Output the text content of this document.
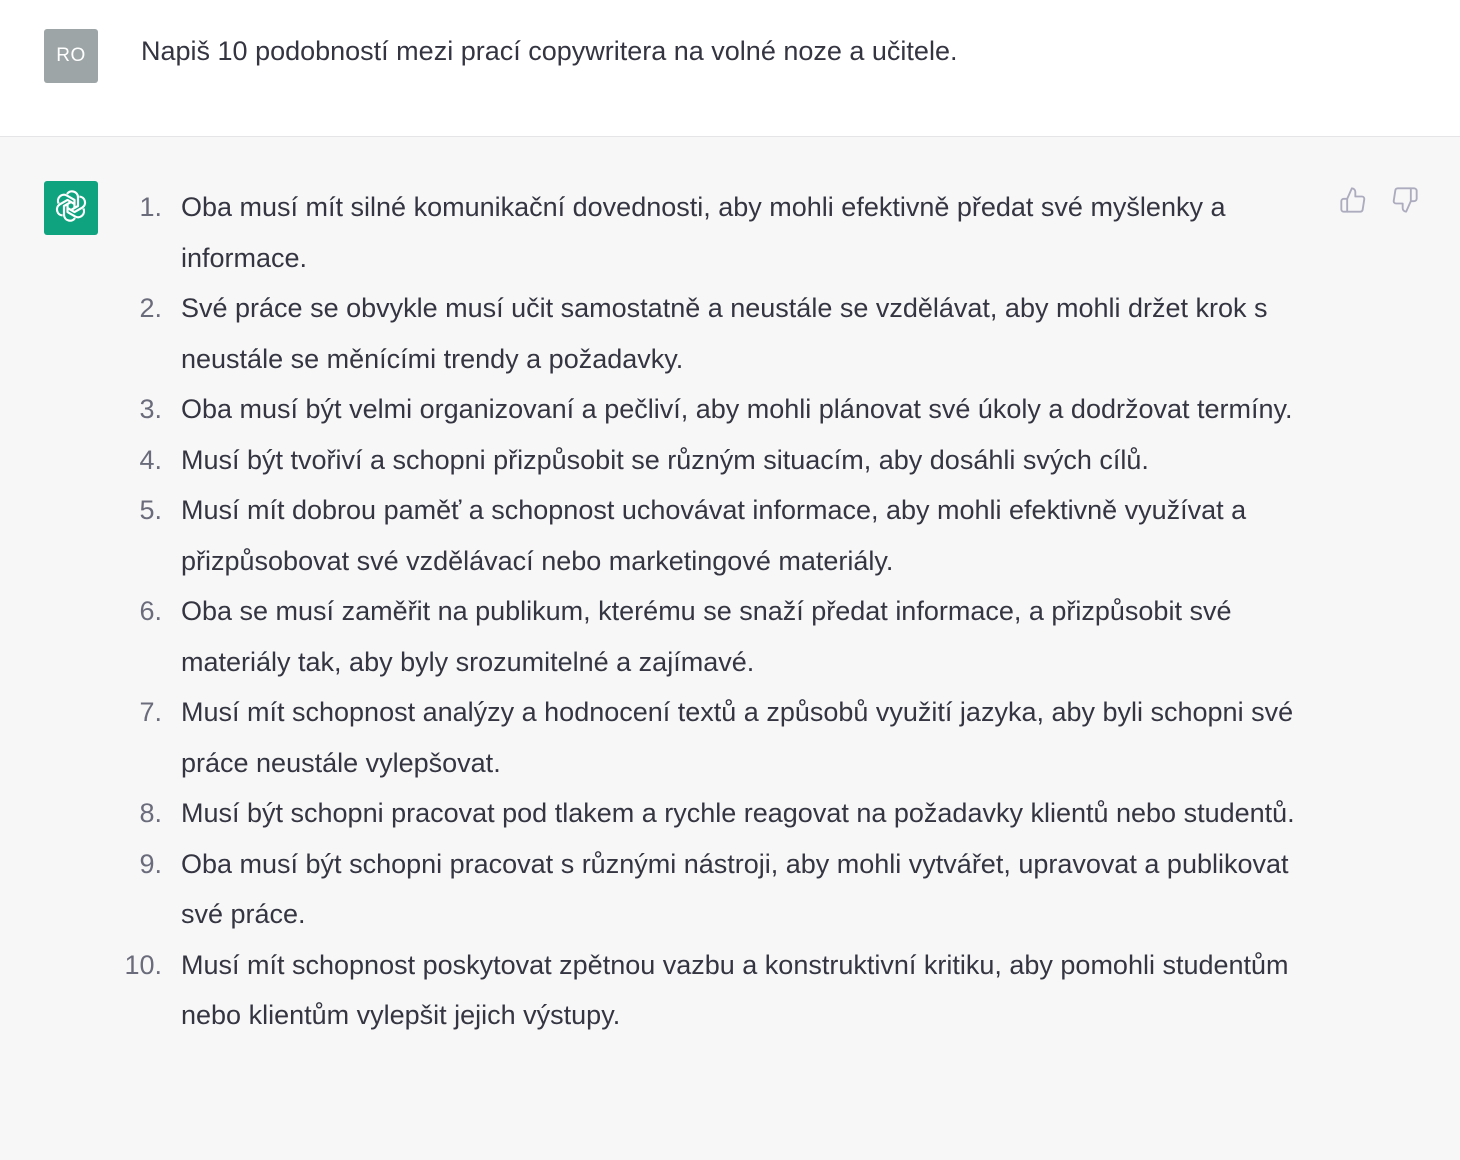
RO	Napiš 10 podobností mezi prací copywritera na volné noze a učitele.
1. Oba musí mít silné komunikační dovednosti, aby mohli efektivně předat své myšlenky a informace.
2. Své práce se obvykle musí učit samostatně a neustále se vzdělávat, aby mohli držet krok s neustále se měnícími trendy a požadavky.
3. Oba musí být velmi organizovaní a pečliví, aby mohli plánovat své úkoly a dodržovat termíny.
4. Musí být tvořiví a schopni přizpůsobit se různým situacím, aby dosáhli svých cílů.
5. Musí mít dobrou paměť a schopnost uchovávat informace, aby mohli efektivně využívat a přizpůsobovat své vzdělávací nebo marketingové materiály.
6. Oba se musí zaměřit na publikum, kterému se snaží předat informace, a přizpůsobit své materiály tak, aby byly srozumitelné a zajímavé.
7. Musí mít schopnost analýzy a hodnocení textů a způsobů využití jazyka, aby byli schopni své práce neustále vylepšovat.
8. Musí být schopni pracovat pod tlakem a rychle reagovat na požadavky klientů nebo studentů.
9. Oba musí být schopni pracovat s různými nástroji, aby mohli vytvářet, upravovat a publikovat své práce.
10. Musí mít schopnost poskytovat zpětnou vazbu a konstruktivní kritiku, aby pomohli studentům nebo klientům vylepšit jejich výstupy.
